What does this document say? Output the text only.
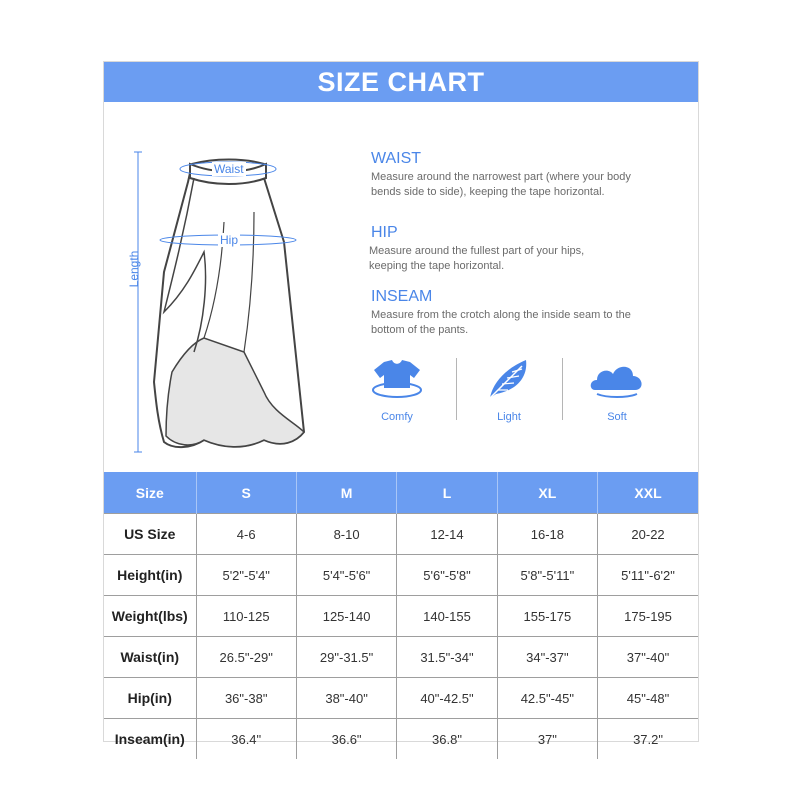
SIZE CHART
Waist
Hip
Length
WAIST
Measure around the narrowest part (where your body bends side to side), keeping the tape horizontal.
HIP
Measure around the fullest part of your hips, keeping the tape horizontal.
INSEAM
Measure from the crotch along the inside seam to the bottom of the pants.
Comfy	Light	Soft
Size	S	M	L	XL	XXL
US Size	4-6	8-10	12-14	16-18	20-22
Height(in)	5'2"-5'4"	5'4"-5'6"	5'6"-5'8"	5'8"-5'11"	5'11"-6'2"
Weight(lbs)	110-125	125-140	140-155	155-175	175-195
Waist(in)	26.5"-29"	29"-31.5"	31.5"-34"	34"-37"	37"-40"
Hip(in)	36"-38"	38"-40"	40"-42.5"	42.5"-45"	45"-48"
Inseam(in)	36.4"	36.6"	36.8"	37"	37.2"
